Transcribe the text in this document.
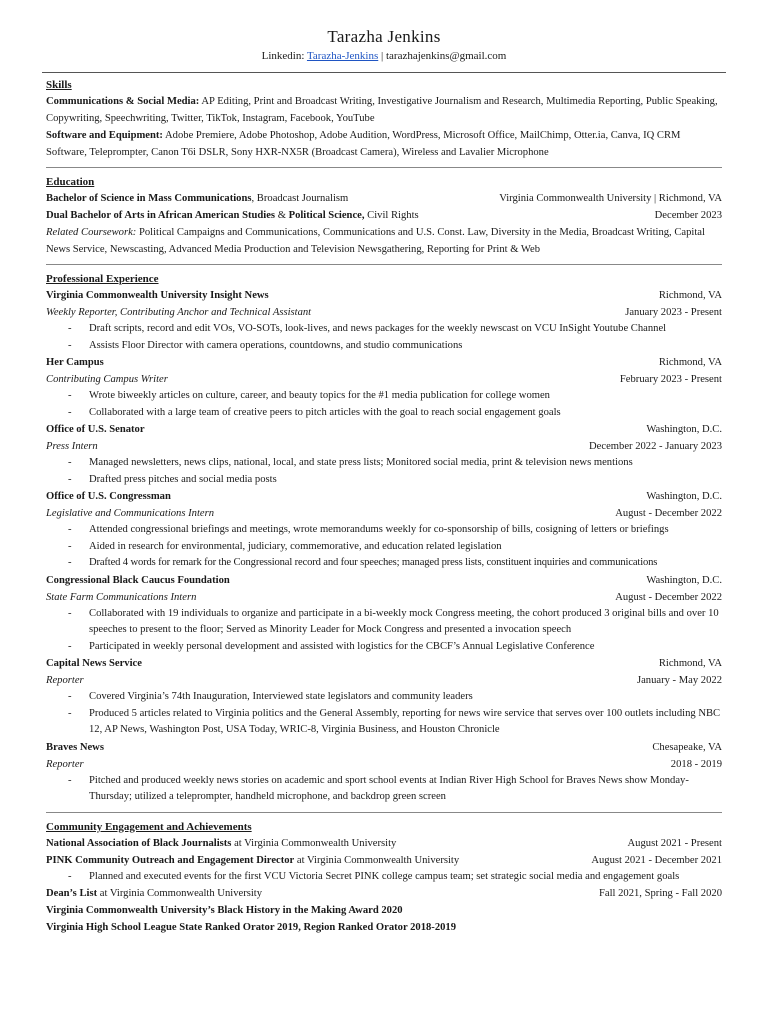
Tarazha Jenkins
Linkedin: Tarazha-Jenkins | tarazhajenkins@gmail.com
Skills
Communications & Social Media: AP Editing, Print and Broadcast Writing, Investigative Journalism and Research, Multimedia Reporting, Public Speaking, Copywriting, Speechwriting, Twitter, TikTok, Instagram, Facebook, YouTube
Software and Equipment: Adobe Premiere, Adobe Photoshop, Adobe Audition, WordPress, Microsoft Office, MailChimp, Otter.ia, Canva, IQ CRM Software, Teleprompter, Canon T6i DSLR, Sony HXR-NX5R (Broadcast Camera), Wireless and Lavalier Microphone
Education
Bachelor of Science in Mass Communications, Broadcast Journalism	Virginia Commonwealth University | Richmond, VA
Dual Bachelor of Arts in African American Studies & Political Science, Civil Rights	December 2023
Related Coursework: Political Campaigns and Communications, Communications and U.S. Const. Law, Diversity in the Media, Broadcast Writing, Capital News Service, Newscasting, Advanced Media Production and Television Newsgathering, Reporting for Print & Web
Professional Experience
Virginia Commonwealth University Insight News	Richmond, VA
Weekly Reporter, Contributing Anchor and Technical Assistant	January 2023 - Present
- Draft scripts, record and edit VOs, VO-SOTs, look-lives, and news packages for the weekly newscast on VCU InSight Youtube Channel
- Assists Floor Director with camera operations, countdowns, and studio communications
Her Campus	Richmond, VA
Contributing Campus Writer	February 2023 - Present
- Wrote biweekly articles on culture, career, and beauty topics for the #1 media publication for college women
- Collaborated with a large team of creative peers to pitch articles with the goal to reach social engagement goals
Office of U.S. Senator	Washington, D.C.
Press Intern	December 2022 - January 2023
- Managed newsletters, news clips, national, local, and state press lists; Monitored social media, print & television news mentions
- Drafted press pitches and social media posts
Office of U.S. Congressman	Washington, D.C.
Legislative and Communications Intern	August - December 2022
- Attended congressional briefings and meetings, wrote memorandums weekly for co-sponsorship of bills, cosigning of letters or briefings
- Aided in research for environmental, judiciary, commemorative, and education related legislation
- Drafted 4 words for remark for the Congressional record and four speeches; managed press lists, constituent inquiries and communications
Congressional Black Caucus Foundation	Washington, D.C.
State Farm Communications Intern	August - December 2022
- Collaborated with 19 individuals to organize and participate in a bi-weekly mock Congress meeting, the cohort produced 3 original bills and over 10 speeches to present to the floor; Served as Minority Leader for Mock Congress and presented a invocation speech
- Participated in weekly personal development and assisted with logistics for the CBCF’s Annual Legislative Conference
Capital News Service	Richmond, VA
Reporter	January - May 2022
- Covered Virginia’s 74th Inauguration, Interviewed state legislators and community leaders
- Produced 5 articles related to Virginia politics and the General Assembly, reporting for news wire service that serves over 100 outlets including NBC 12, AP News, Washington Post, USA Today, WRIC-8, Virginia Business, and Houston Chronicle
Braves News	Chesapeake, VA
Reporter	2018 - 2019
- Pitched and produced weekly news stories on academic and sport school events at Indian River High School for Braves News show Monday-Thursday; utilized a teleprompter, handheld microphone, and backdrop green screen
Community Engagement and Achievements
National Association of Black Journalists at Virginia Commonwealth University	August 2021 - Present
PINK Community Outreach and Engagement Director at Virginia Commonwealth University	August 2021 - December 2021
- Planned and executed events for the first VCU Victoria Secret PINK college campus team; set strategic social media and engagement goals
Dean’s List at Virginia Commonwealth University	Fall 2021, Spring - Fall 2020
Virginia Commonwealth University’s Black History in the Making Award 2020
Virginia High School League State Ranked Orator 2019, Region Ranked Orator 2018-2019
